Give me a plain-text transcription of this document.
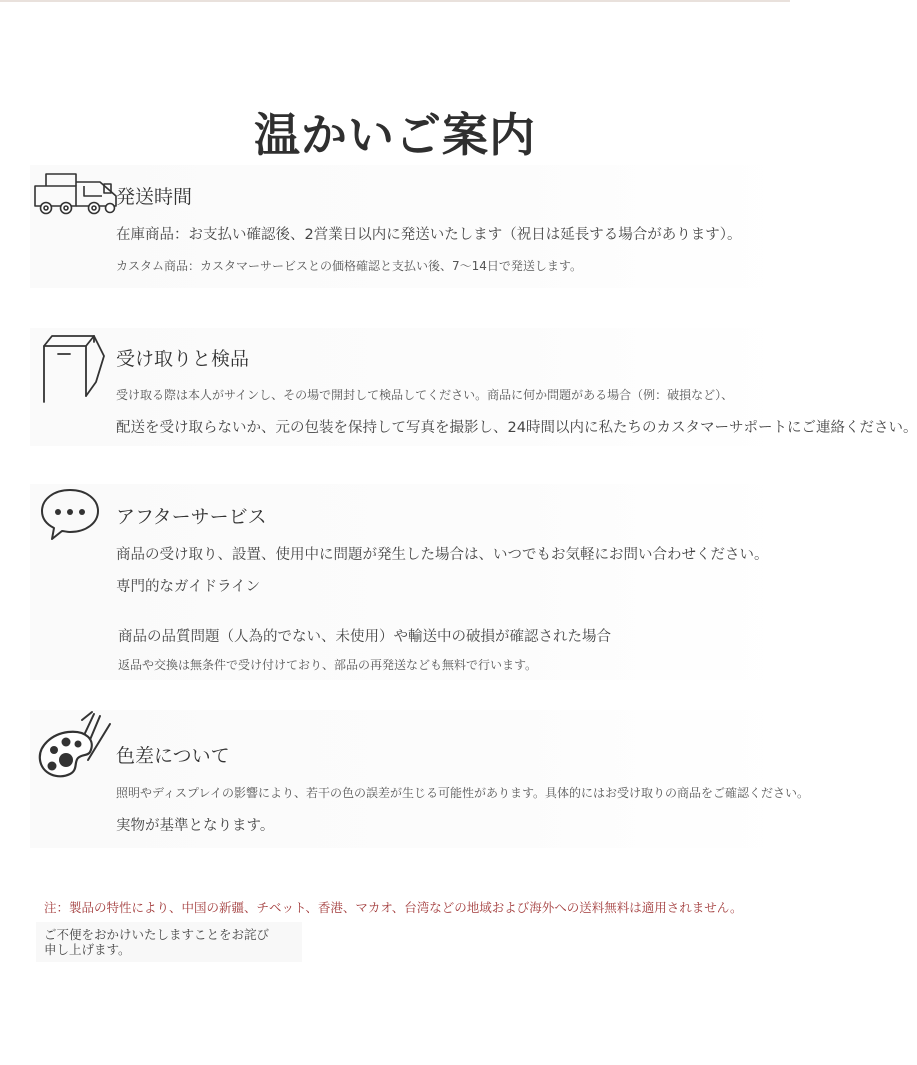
温かいご案内
発送時間
在庫商品：お支払い確認後、2営業日以内に発送いたします（祝日は延長する場合があります）。
カスタム商品：カスタマーサービスとの価格確認と支払い後、7〜14日で発送します。
受け取りと検品
受け取る際は本人がサインし、その場で開封して検品してください。商品に何か問題がある場合（例：破損など）、
配送を受け取らないか、元の包装を保持して写真を撮影し、24時間以内に私たちのカスタマーサポートにご連絡ください。
アフターサービス
商品の受け取り、設置、使用中に問題が発生した場合は、いつでもお気軽にお問い合わせください。
専門的なガイドライン
商品の品質問題（人為的でない、未使用）や輸送中の破損が確認された場合
返品や交換は無条件で受け付けており、部品の再発送なども無料で行います。
色差について
照明やディスプレイの影響により、若干の色の誤差が生じる可能性があります。具体的にはお受け取りの商品をご確認ください。
実物が基準となります。
注：製品の特性により、中国の新疆、チベット、香港、マカオ、台湾などの地域および海外への送料無料は適用されません。
ご不便をおかけいたしますことをお詫び
申し上げます。
